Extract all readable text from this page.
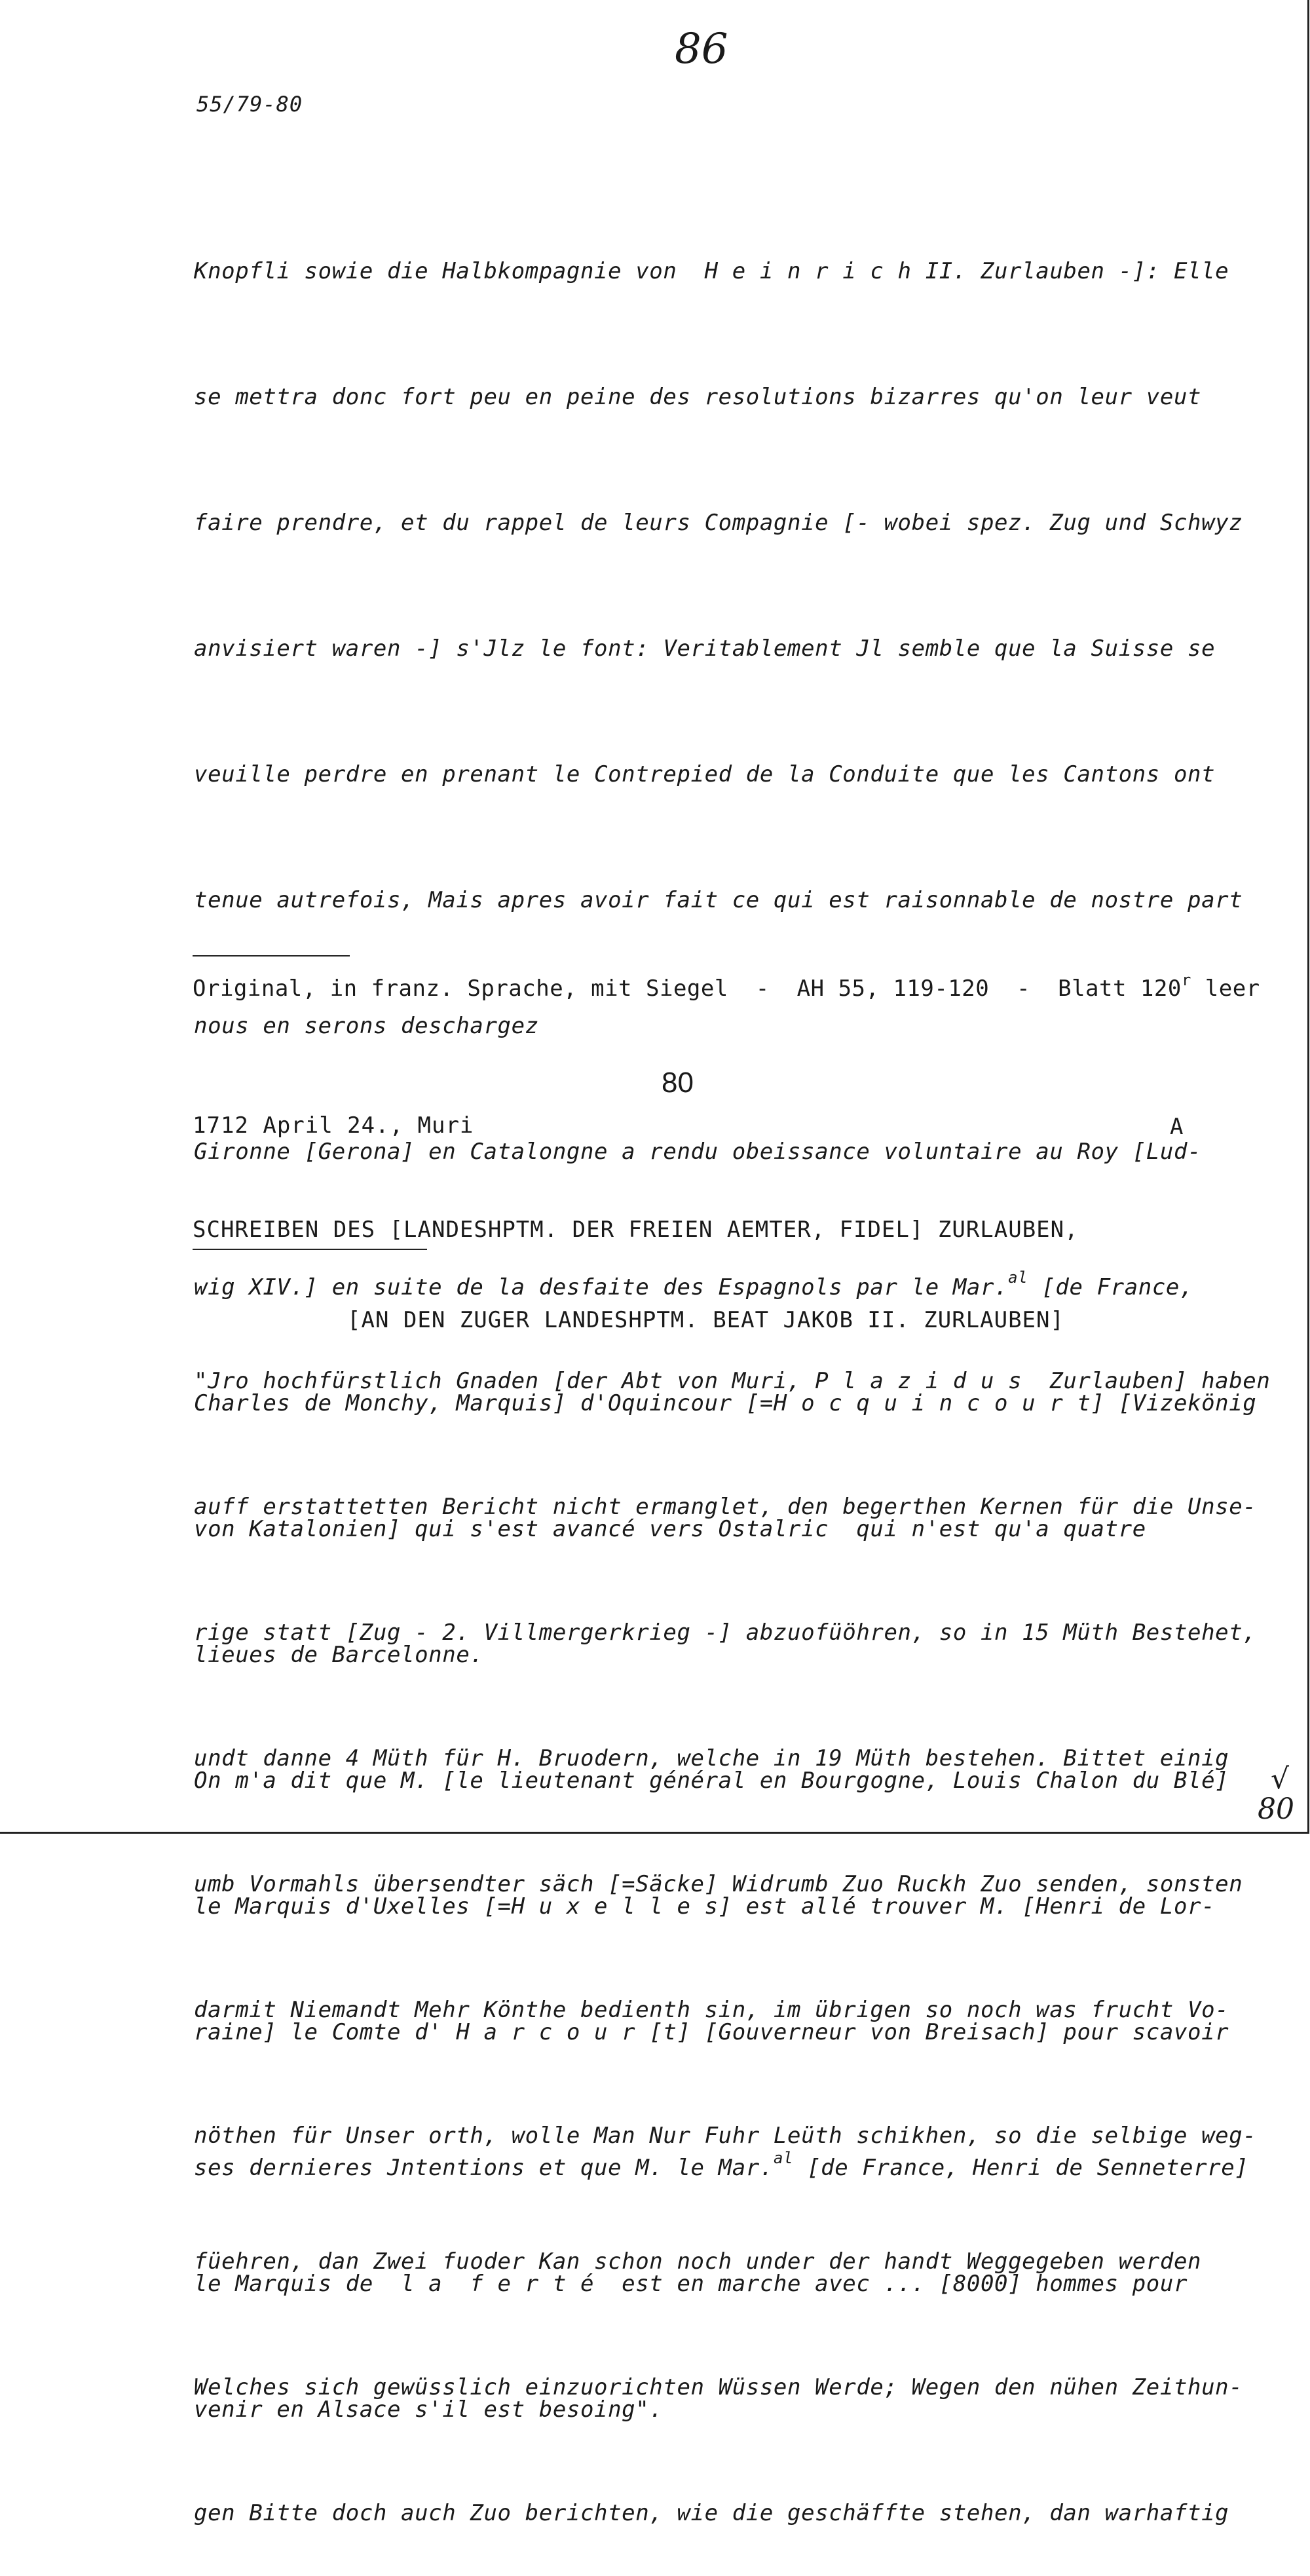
86
55/79-80

Knopfli sowie die Halbkompagnie von  H e i n r i c h II. Zurlauben -]: Elle

se mettra donc fort peu en peine des resolutions bizarres qu'on leur veut

faire prendre, et du rappel de leurs Compagnie [- wobei spez. Zug und Schwyz

anvisiert waren -] s'Jlz le font: Veritablement Jl semble que la Suisse se

veuille perdre en prenant le Contrepied de la Conduite que les Cantons ont

tenue autrefois, Mais apres avoir fait ce qui est raisonnable de nostre part

nous en serons deschargez

Gironne [Gerona] en Catalongne a rendu obeissance voluntaire au Roy [Lud-

wig XIV.] en suite de la desfaite des Espagnols par le Mar.$^{al}$ [de France,

Charles de Monchy, Marquis] d'Oquincour [=H o c q u i n c o u r t] [Vizekönig

von Katalonien] qui s'est avancé vers Ostalric  qui n'est qu'a quatre

lieues de Barcelonne.

On m'a dit que M. [le lieutenant général en Bourgogne, Louis Chalon du Blé]

le Marquis d'Uxelles [=H u x e l l e s] est allé trouver M. [Henri de Lor-

raine] le Comte d' H a r c o u r [t] [Gouverneur von Breisach] pour scavoir

ses dernieres Jntentions et que M. le Mar.$^{al}$ [de France, Henri de Senneterre]

le Marquis de  l a  f e r t é  est en marche avec ... [8000] hommes pour

venir en Alsace s'il est besoing".

Original, in franz. Sprache, mit Siegel  -  AH 55, 119-120  -  Blatt 120$^r$ leer
80
1712 April 24., Muri	A

SCHREIBEN DES [LANDESHPTM. DER FREIEN AEMTER, FIDEL] ZURLAUBEN,

[AN DEN ZUGER LANDESHPTM. BEAT JAKOB II. ZURLAUBEN]

"Jro hochfürstlich Gnaden [der Abt von Muri, P l a z i d u s  Zurlauben] haben

auff erstattetten Bericht nicht ermanglet, den begerthen Kernen für die Unse-

rige statt [Zug - 2. Villmergerkrieg -] abzuofüöhren, so in 15 Müth Bestehet,

undt danne 4 Müth für H. Bruodern, welche in 19 Müth bestehen. Bittet einig

umb Vormahls übersendter säch [=Säcke] Widrumb Zuo Ruckh Zuo senden, sonsten

darmit Niemandt Mehr Könthe bedienth sin, im übrigen so noch was frucht Vo-

nöthen für Unser orth, wolle Man Nur Fuhr Leüth schikhen, so die selbige weg-

füehren, dan Zwei fuoder Kan schon noch under der handt Weggegeben werden

Welches sich gewüsslich einzuorichten Wüssen Werde; Wegen den nühen Zeithun-

gen Bitte doch auch Zuo berichten, wie die geschäffte stehen, dan warhaftig

√
80
